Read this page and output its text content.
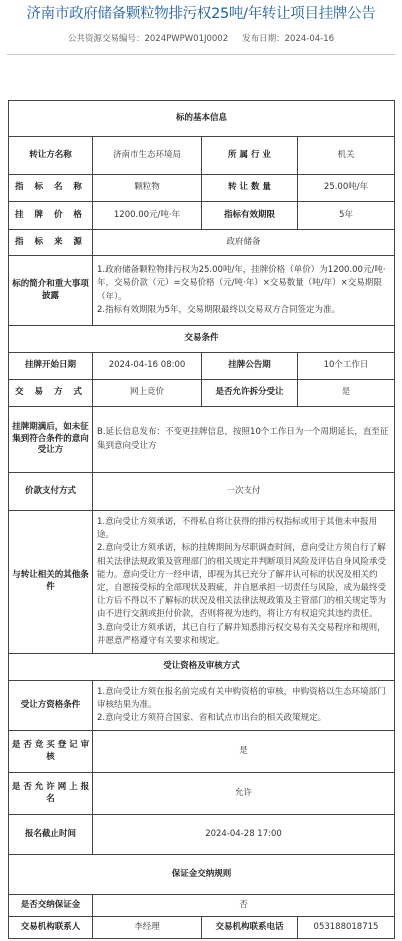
济南市政府储备颗粒物排污权25吨/年转让项目挂牌公告
公共资源交易编号：2024PWPW01J0002 发布日期：2024-04-16
标的基本信息			
转让方名称	济南市生态环境局	所 属 行 业	机关
指 标 名 称	颗粒物	转 让 数 量	25.00吨/年
挂 牌 价 格	1200.00元/吨·年	指标有效期限	5年
指 标 来 源	政府储备		
标的简介和重大事项披露	1.政府储备颗粒物排污权为25.00吨/年，挂牌价格（单价）为1200.00元/吨·年，交易价款（元）=交易价格（元/吨·年）×交易数量（吨/年）×交易期限（年）。
2.指标有效期限为5年，交易期限最终以交易双方合同签定为准。		

交易条件			
挂牌开始日期	2024-04-16 08:00	挂牌公告期	10个工作日
交 易 方 式	网上竞价	是否允许拆分受让	是
挂牌期满后，如未征集到符合条件的意向受让方	B.延长信息发布：不变更挂牌信息，按照10个工作日为一个周期延长，直至征集到意向受让方		
价款支付方式	一次支付		
与转让相关的其他条件	1.意向受让方须承诺，不得私自将让获得的排污权指标或用于其他未申报用途。
2.意向受让方须承诺，标的挂牌期间为尽职调查时间，意向受让方须自行了解相关法律法规政策及管理部门的相关规定并判断项目风险及评估自身风险承受能力。意向受让方一经申请，即视为其已充分了解并认可标的状况及相关约定，自愿接受标的全部现状及瑕疵，并自愿承担一切责任与风险，成为最终受让方后不得以不了解标的状况及相关法律法规政策及主管部门的相关规定等为由不进行交割或拒付价款，否则将视为违约，将让方有权追究其违约责任。
3.意向受让方须承诺，其已自行了解并知悉排污权交易有关交易程序和规则，并愿意严格遵守有关要求和规定。		

受让资格及审核方式			
受让方资格条件	1.意向受让方须在报名前完成有关申购资格的审核，申购资格以生态环境部门审核结果为准。
2.意向受让方须符合国家、省和试点市出台的相关政策规定。		

是 否 竞 买 登 记 审 核	是		
是 否 允 许 网 上 报 名	允许		
报名截止时间	2024-04-28 17:00		
保证金交纳规则			
是否交纳保证金	否		
交易机构联系人	李经理	交易机构联系电话	053188018715
